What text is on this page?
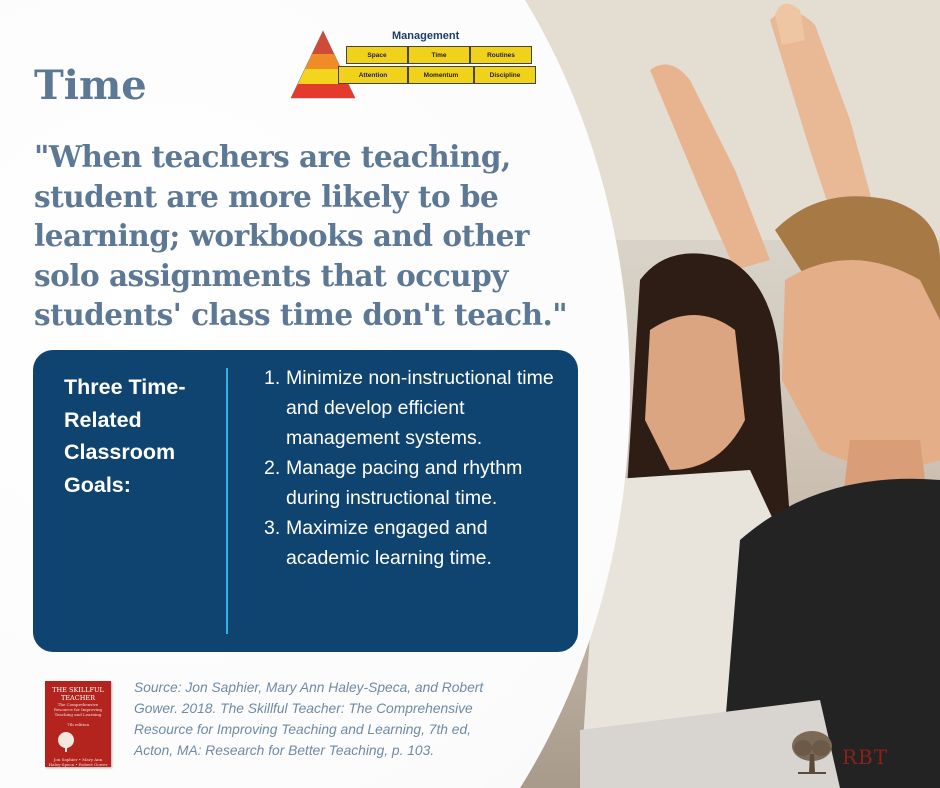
Management
Space	Time	Routines
Attention	Momentum	Discipline
Time

"When teachers are teaching, student are more likely to be learning; workbooks and other solo assignments that occupy students' class time don't teach."

Three Time-Related Classroom Goals:
1. Minimize non-instructional time and develop efficient management systems.
2. Manage pacing and rhythm during instructional time.
3. Maximize engaged and academic learning time.
THE SKILLFUL TEACHER
The Comprehensive Resource for Improving Teaching and Learning
7th edition
Jon Saphier • Mary Ann Haley-Speca • Robert Gower

Source: Jon Saphier, Mary Ann Haley-Speca, and Robert Gower. 2018. The Skillful Teacher: The Comprehensive Resource for Improving Teaching and Learning, 7th ed, Acton, MA: Research for Better Teaching, p. 103.	RBT
